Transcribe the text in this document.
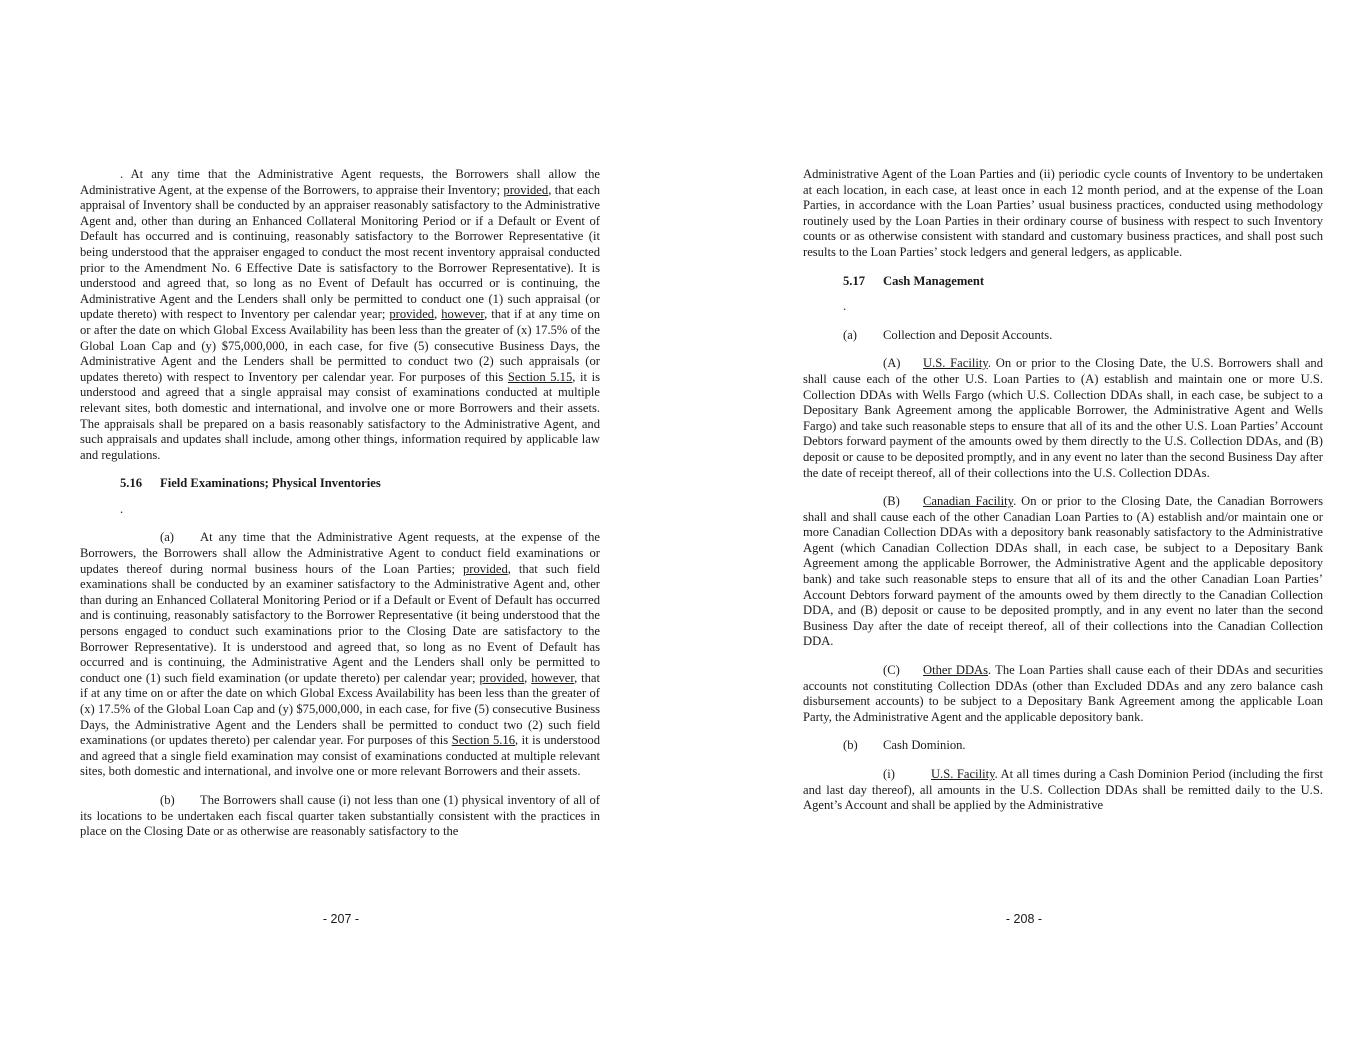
. At any time that the Administrative Agent requests, the Borrowers shall allow the Administrative Agent, at the expense of the Borrowers, to appraise their Inventory; provided, that each appraisal of Inventory shall be conducted by an appraiser reasonably satisfactory to the Administrative Agent and, other than during an Enhanced Collateral Monitoring Period or if a Default or Event of Default has occurred and is continuing, reasonably satisfactory to the Borrower Representative (it being understood that the appraiser engaged to conduct the most recent inventory appraisal conducted prior to the Amendment No. 6 Effective Date is satisfactory to the Borrower Representative). It is understood and agreed that, so long as no Event of Default has occurred or is continuing, the Administrative Agent and the Lenders shall only be permitted to conduct one (1) such appraisal (or update thereto) with respect to Inventory per calendar year; provided, however, that if at any time on or after the date on which Global Excess Availability has been less than the greater of (x) 17.5% of the Global Loan Cap and (y) $75,000,000, in each case, for five (5) consecutive Business Days, the Administrative Agent and the Lenders shall be permitted to conduct two (2) such appraisals (or updates thereto) with respect to Inventory per calendar year. For purposes of this Section 5.15, it is understood and agreed that a single appraisal may consist of examinations conducted at multiple relevant sites, both domestic and international, and involve one or more Borrowers and their assets. The appraisals shall be prepared on a basis reasonably satisfactory to the Administrative Agent, and such appraisals and updates shall include, among other things, information required by applicable law and regulations.

5.16 Field Examinations; Physical Inventories
.

(a) At any time that the Administrative Agent requests, at the expense of the Borrowers, the Borrowers shall allow the Administrative Agent to conduct field examinations or updates thereof during normal business hours of the Loan Parties; provided, that such field examinations shall be conducted by an examiner satisfactory to the Administrative Agent and, other than during an Enhanced Collateral Monitoring Period or if a Default or Event of Default has occurred and is continuing, reasonably satisfactory to the Borrower Representative (it being understood that the persons engaged to conduct such examinations prior to the Closing Date are satisfactory to the Borrower Representative). It is understood and agreed that, so long as no Event of Default has occurred and is continuing, the Administrative Agent and the Lenders shall only be permitted to conduct one (1) such field examination (or update thereto) per calendar year; provided, however, that if at any time on or after the date on which Global Excess Availability has been less than the greater of (x) 17.5% of the Global Loan Cap and (y) $75,000,000, in each case, for five (5) consecutive Business Days, the Administrative Agent and the Lenders shall be permitted to conduct two (2) such field examinations (or updates thereto) per calendar year. For purposes of this Section 5.16, it is understood and agreed that a single field examination may consist of examinations conducted at multiple relevant sites, both domestic and international, and involve one or more relevant Borrowers and their assets.

(b) The Borrowers shall cause (i) not less than one (1) physical inventory of all of its locations to be undertaken each fiscal quarter taken substantially consistent with the practices in place on the Closing Date or as otherwise are reasonably satisfactory to the

- 207 -

Administrative Agent of the Loan Parties and (ii) periodic cycle counts of Inventory to be undertaken at each location, in each case, at least once in each 12 month period, and at the expense of the Loan Parties, in accordance with the Loan Parties’ usual business practices, conducted using methodology routinely used by the Loan Parties in their ordinary course of business with respect to such Inventory counts or as otherwise consistent with standard and customary business practices, and shall post such results to the Loan Parties’ stock ledgers and general ledgers, as applicable.

5.17 Cash Management
.
(a) Collection and Deposit Accounts.

(A) U.S. Facility. On or prior to the Closing Date, the U.S. Borrowers shall and shall cause each of the other U.S. Loan Parties to (A) establish and maintain one or more U.S. Collection DDAs with Wells Fargo (which U.S. Collection DDAs shall, in each case, be subject to a Depositary Bank Agreement among the applicable Borrower, the Administrative Agent and Wells Fargo) and take such reasonable steps to ensure that all of its and the other U.S. Loan Parties’ Account Debtors forward payment of the amounts owed by them directly to the U.S. Collection DDAs, and (B) deposit or cause to be deposited promptly, and in any event no later than the second Business Day after the date of receipt thereof, all of their collections into the U.S. Collection DDAs.

(B) Canadian Facility. On or prior to the Closing Date, the Canadian Borrowers shall and shall cause each of the other Canadian Loan Parties to (A) establish and/or maintain one or more Canadian Collection DDAs with a depository bank reasonably satisfactory to the Administrative Agent (which Canadian Collection DDAs shall, in each case, be subject to a Depositary Bank Agreement among the applicable Borrower, the Administrative Agent and the applicable depository bank) and take such reasonable steps to ensure that all of its and the other Canadian Loan Parties’ Account Debtors forward payment of the amounts owed by them directly to the Canadian Collection DDA, and (B) deposit or cause to be deposited promptly, and in any event no later than the second Business Day after the date of receipt thereof, all of their collections into the Canadian Collection DDA.

(C) Other DDAs. The Loan Parties shall cause each of their DDAs and securities accounts not constituting Collection DDAs (other than Excluded DDAs and any zero balance cash disbursement accounts) to be subject to a Depositary Bank Agreement among the applicable Loan Party, the Administrative Agent and the applicable depository bank.

(b) Cash Dominion.

(i)	U.S. Facility. At all times during a Cash Dominion Period (including the first and last day thereof), all amounts in the U.S. Collection DDAs shall be remitted daily to the U.S. Agent’s Account and shall be applied by the Administrative

- 208 -
